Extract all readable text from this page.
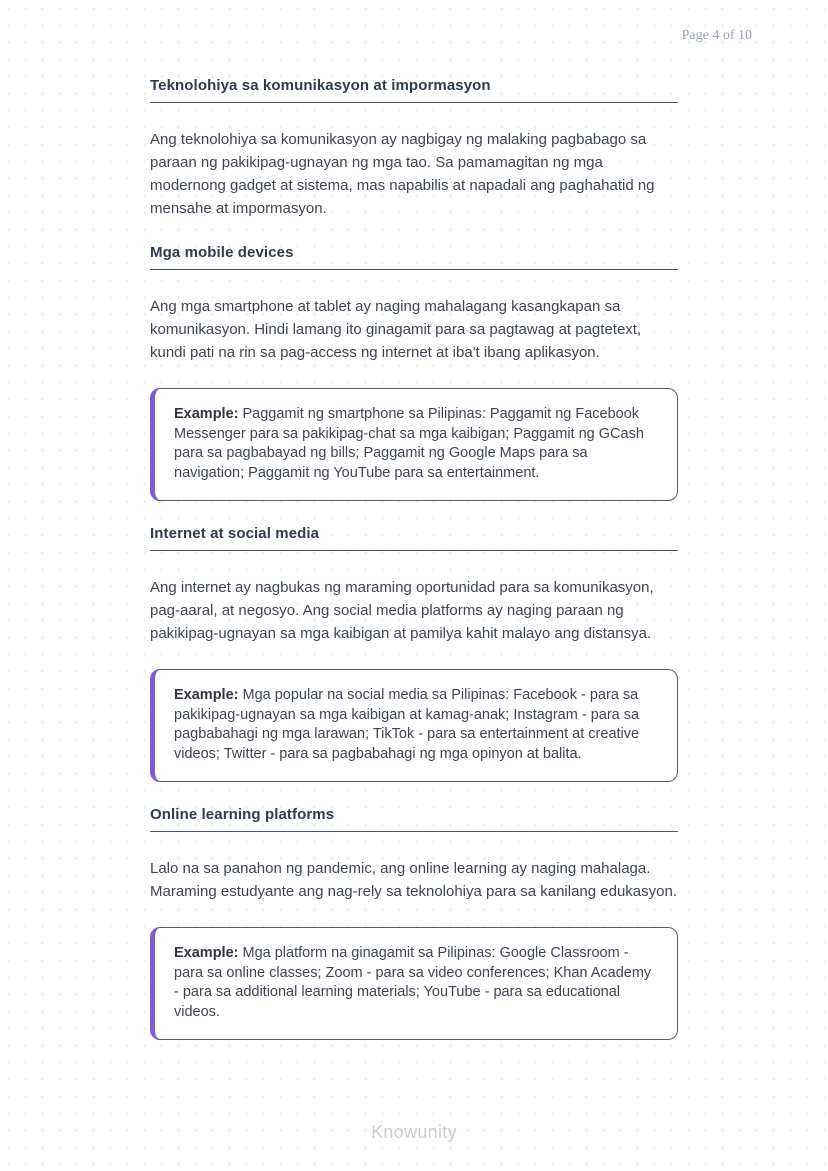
Page 4 of 10
Teknolohiya sa komunikasyon at impormasyon

Ang teknolohiya sa komunikasyon ay nagbigay ng malaking pagbabago sa paraan ng pakikipag-ugnayan ng mga tao. Sa pamamagitan ng mga modernong gadget at sistema, mas napabilis at napadali ang paghahatid ng mensahe at impormasyon.

Mga mobile devices

Ang mga smartphone at tablet ay naging mahalagang kasangkapan sa komunikasyon. Hindi lamang ito ginagamit para sa pagtawag at pagtetext, kundi pati na rin sa pag-access ng internet at iba't ibang aplikasyon.

Example: Paggamit ng smartphone sa Pilipinas: Paggamit ng Facebook Messenger para sa pakikipag-chat sa mga kaibigan; Paggamit ng GCash para sa pagbabayad ng bills; Paggamit ng Google Maps para sa navigation; Paggamit ng YouTube para sa entertainment.
Internet at social media

Ang internet ay nagbukas ng maraming oportunidad para sa komunikasyon, pag-aaral, at negosyo. Ang social media platforms ay naging paraan ng pakikipag-ugnayan sa mga kaibigan at pamilya kahit malayo ang distansya.

Example: Mga popular na social media sa Pilipinas: Facebook - para sa pakikipag-ugnayan sa mga kaibigan at kamag-anak; Instagram - para sa pagbabahagi ng mga larawan; TikTok - para sa entertainment at creative videos; Twitter - para sa pagbabahagi ng mga opinyon at balita.
Online learning platforms

Lalo na sa panahon ng pandemic, ang online learning ay naging mahalaga. Maraming estudyante ang nag-rely sa teknolohiya para sa kanilang edukasyon.

Example: Mga platform na ginagamit sa Pilipinas: Google Classroom - para sa online classes; Zoom - para sa video conferences; Khan Academy - para sa additional learning materials; YouTube - para sa educational videos.
Knowunity
